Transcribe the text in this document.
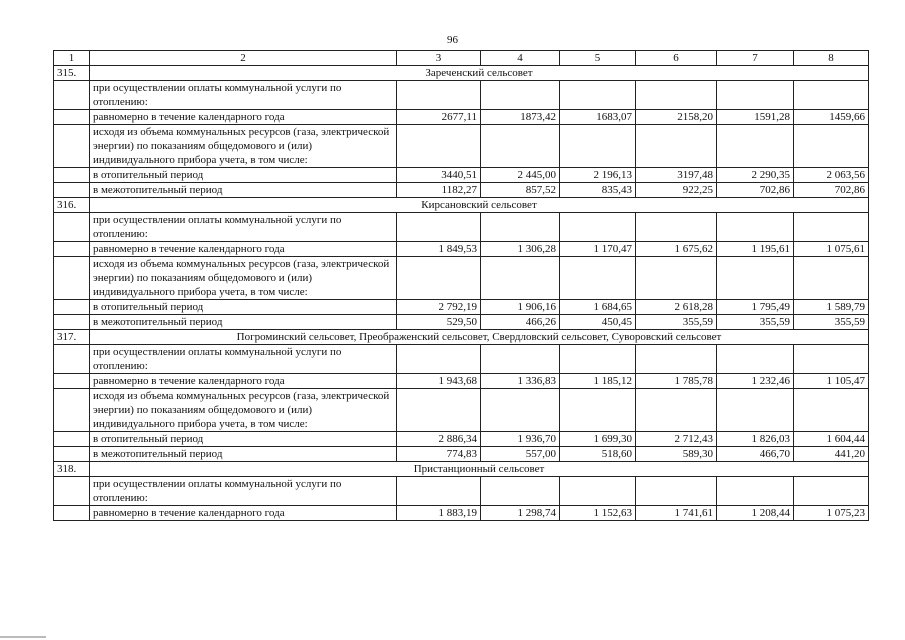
96
1	2	3	4	5	6	7	8
315.	Зареченский сельсовет						
	при осуществлении оплаты коммунальной услуги по отоплению:						
	равномерно в течение календарного года	2677,11	1873,42	1683,07	2158,20	1591,28	1459,66
	исходя из объема коммунальных ресурсов (газа, электрической энергии) по показаниям общедомового и (или) индивидуального прибора учета, в том числе:						
	в отопительный период	3440,51	2 445,00	2 196,13	3197,48	2 290,35	2 063,56
	в межотопительный период	1182,27	857,52	835,43	922,25	702,86	702,86
316.	Кирсановский сельсовет						
	при осуществлении оплаты коммунальной услуги по отоплению:						
	равномерно в течение календарного года	1 849,53	1 306,28	1 170,47	1 675,62	1 195,61	1 075,61
	исходя из объема коммунальных ресурсов (газа, электрической энергии) по показаниям общедомового и (или) индивидуального прибора учета, в том числе:						
	в отопительный период	2 792,19	1 906,16	1 684,65	2 618,28	1 795,49	1 589,79
	в межотопительный период	529,50	466,26	450,45	355,59	355,59	355,59
317.	Погроминский сельсовет, Преображенский сельсовет, Свердловский сельсовет, Суворовский сельсовет						
	при осуществлении оплаты коммунальной услуги по отоплению:						
	равномерно в течение календарного года	1 943,68	1 336,83	1 185,12	1 785,78	1 232,46	1 105,47
	исходя из объема коммунальных ресурсов (газа, электрической энергии) по показаниям общедомового и (или) индивидуального прибора учета, в том числе:						
	в отопительный период	2 886,34	1 936,70	1 699,30	2 712,43	1 826,03	1 604,44
	в межотопительный период	774,83	557,00	518,60	589,30	466,70	441,20
318.	Пристанционный сельсовет						
	при осуществлении оплаты коммунальной услуги по отоплению:						
	равномерно в течение календарного года	1 883,19	1 298,74	1 152,63	1 741,61	1 208,44	1 075,23
